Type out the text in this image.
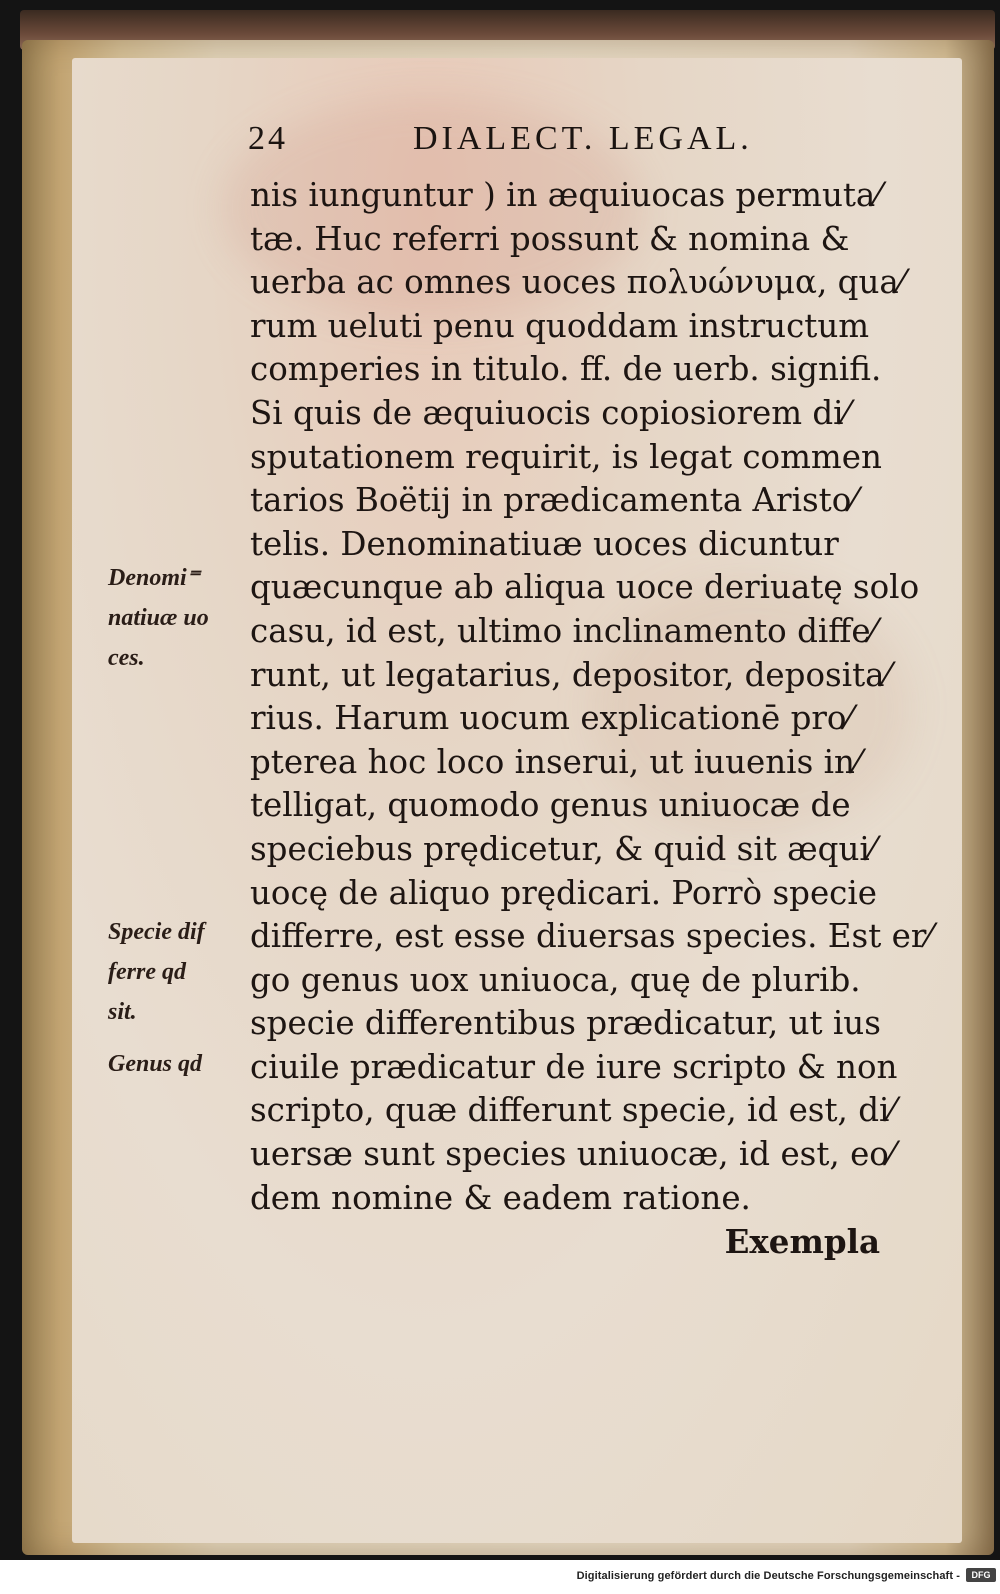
24	DIALECT. LEGAL.
Denomi⁼
natiuæ uo
ces.
Specie dif
ferre qd
sit.
Genus qd
nis iunguntur ) in æquiuocas permuta⁄
tæ. Huc referri possunt & nomina &
uerba ac omnes uoces πολυώνυμα, qua⁄
rum ueluti penu quoddam instructum
comperies in titulo. ff. de uerb. signifi.
Si quis de æquiuocis copiosiorem di⁄
sputationem requirit, is legat commen
tarios Boëtij in prædicamenta Aristo⁄
telis. Denominatiuæ uoces dicuntur
quæcunque ab aliqua uoce deriuatę solo
casu, id est, ultimo inclinamento diffe⁄
runt, ut legatarius, depositor, deposita⁄
rius. Harum uocum explicationē pro⁄
pterea hoc loco inserui, ut iuuenis in⁄
telligat, quomodo genus uniuocæ de
speciebus prędicetur, & quid sit æqui⁄
uocę de aliquo prędicari. Porrò specie
differre, est esse diuersas species. Est er⁄
go genus uox uniuoca, quę de plurib.
specie differentibus prædicatur, ut ius
ciuile prædicatur de iure scripto & non
scripto, quæ differunt specie, id est, di⁄
uersæ sunt species uniuocæ, id est, eo⁄
dem nomine & eadem ratione.
Exempla
Digitalisierung gefördert durch die Deutsche Forschungsgemeinschaft -	DFG
